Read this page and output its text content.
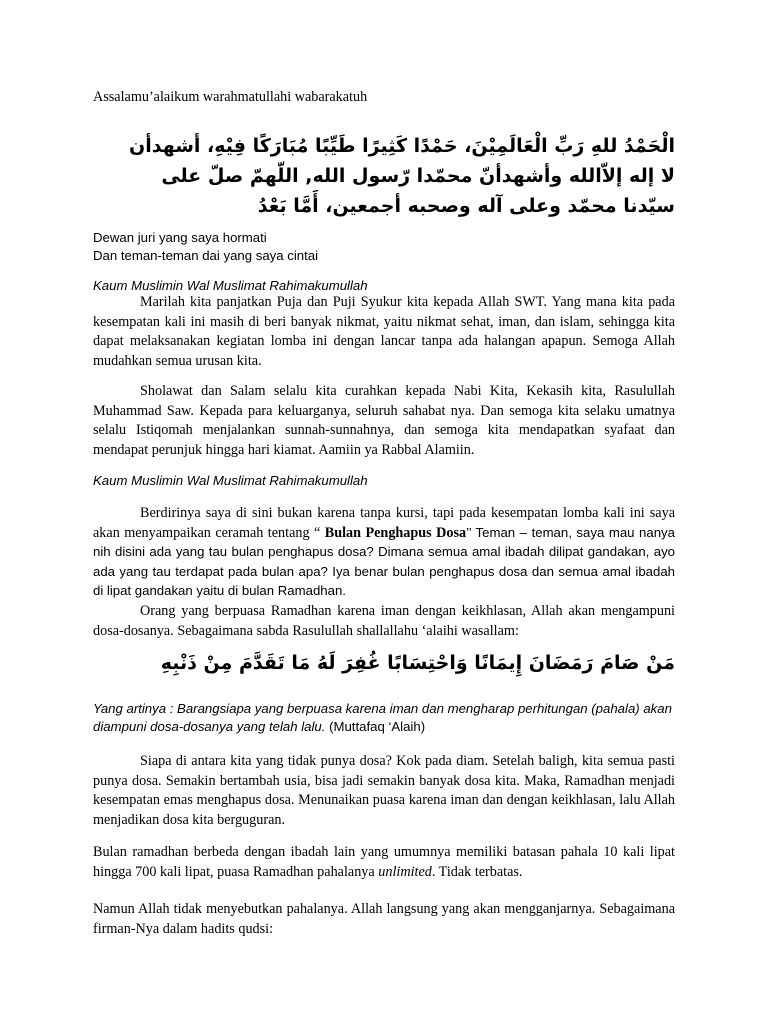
Assalamu’alaikum warahmatullahi wabarakatuh
الْحَمْدُ للهِ رَبِّ الْعَالَمِيْنَ، حَمْدًا كَثِيرًا طَيِّبًا مُبَارَكًا فِيْهِ، أشهدأن
لا إله إلاّالله وأشهدأنّ محمّدا رّسول الله, اللّهمّ صلّ على
سيّدنا محمّد وعلى آله وصحبه أجمعين، أَمَّا بَعْدُ
Dewan juri yang saya hormati
Dan teman-teman dai yang saya cintai
Kaum Muslimin Wal Muslimat Rahimakumullah

Marilah kita panjatkan Puja dan Puji Syukur kita kepada Allah SWT. Yang mana kita pada kesempatan kali ini masih di beri banyak nikmat, yaitu nikmat sehat, iman, dan islam, sehingga kita dapat melaksanakan kegiatan lomba ini dengan lancar tanpa ada halangan apapun. Semoga Allah mudahkan semua urusan kita.

Sholawat dan Salam selalu kita curahkan kepada Nabi Kita, Kekasih kita, Rasulullah Muhammad Saw. Kepada para keluarganya, seluruh sahabat nya. Dan semoga kita selaku umatnya selalu Istiqomah menjalankan sunnah-sunnahnya, dan semoga kita mendapatkan syafaat dan mendapat perunjuk hingga hari kiamat. Aamiin ya Rabbal Alamiin.

Kaum Muslimin Wal Muslimat Rahimakumullah

Berdirinya saya di sini bukan karena tanpa kursi, tapi pada kesempatan lomba kali ini saya akan menyampaikan ceramah tentang “ Bulan Penghapus Dosa’’ Teman – teman, saya mau nanya nih disini ada yang tau bulan penghapus dosa? Dimana semua amal ibadah dilipat gandakan, ayo ada yang tau terdapat pada bulan apa? Iya benar bulan penghapus dosa dan semua amal ibadah di lipat gandakan yaitu di bulan Ramadhan.

Orang yang berpuasa Ramadhan karena iman dengan keikhlasan, Allah akan mengampuni dosa-dosanya. Sebagaimana sabda Rasulullah shallallahu ‘alaihi wasallam:

مَنْ صَامَ رَمَضَانَ إِيمَانًا وَاحْتِسَابًا غُفِرَ لَهُ مَا تَقَدَّمَ مِنْ ذَنْبِهِ
Yang artinya : Barangsiapa yang berpuasa karena iman dan mengharap perhitungan (pahala) akan diampuni dosa-dosanya yang telah lalu. (Muttafaq ‘Alaih)

Siapa di antara kita yang tidak punya dosa? Kok pada diam. Setelah baligh, kita semua pasti punya dosa. Semakin bertambah usia, bisa jadi semakin banyak dosa kita. Maka, Ramadhan menjadi kesempatan emas menghapus dosa. Menunaikan puasa karena iman dan dengan keikhlasan, lalu Allah menjadikan dosa kita berguguran.

Bulan ramadhan berbeda dengan ibadah lain yang umumnya memiliki batasan pahala 10 kali lipat hingga 700 kali lipat, puasa Ramadhan pahalanya unlimited. Tidak terbatas.

Namun Allah tidak menyebutkan pahalanya. Allah langsung yang akan mengganjarnya. Sebagaimana firman-Nya dalam hadits qudsi:
